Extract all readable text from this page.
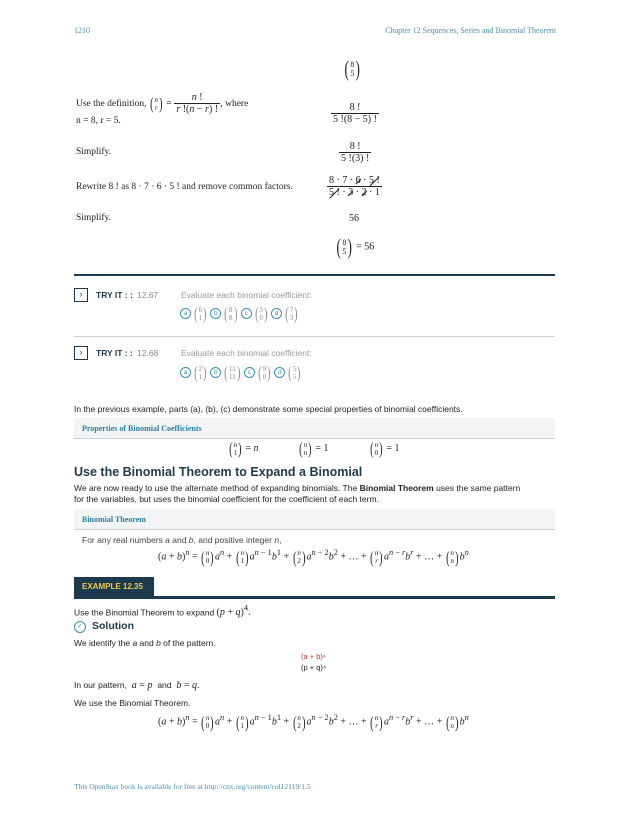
1210	Chapter 12 Sequences, Series and Binomial Theorem
(8
5)
Use the definition, (n
$r) = \frac{n !}{r !(n - r) !}$ , where
n = 8, r = 5.	$\frac{8 !}{5 !(8 - 5) !}$
Simplify.	$\frac{8 !}{5 !(3) !}$
Rewrite 8 ! as 8 · 7 · 6 · 5 ! and remove common factors.	$\frac{8 \cdot 7 \cdot 6 \cdot 5 !}{5 ! \cdot 3 \cdot 2 \cdot 1}$
Simplify.	56
(8
5) = 56
›	TRY IT : : 12.67	Evaluate each binomial coefficient:
a (6
1) b (8
8) c (3
0) d (7
3)
›	TRY IT : : 12.68	Evaluate each binomial coefficient:
a (2
1) b (11
11) c (9
0) d (5
5)
In the previous example, parts (a), (b), (c) demonstrate some special properties of binomial coefficients.
Properties of Binomial Coefficients
(n
1) = n (n
n) = 1 (n
0) = 1
Use the Binomial Theorem to Expand a Binomial
We are now ready to use the alternate method of expanding binomials. The Binomial Theorem uses the same pattern
for the variables, but uses the binomial coefficient for the coefficient of each term.
Binomial Theorem
For any real numbers a and b, and positive integer n,
$(a + b)^n = (n$
$0)a^n + (n$
$1)a^{n - 1}b^1 + (n$
$2)a^{n - 2}b^2$ + … + (n
$r)a^{n - r}b^r$ + … + (n
$n)b^n$
EXAMPLE 12.35
Use the Binomial Theorem to expand $(p + q)^4$.
✓ Solution
We identify the a and b of the pattern.
(a + b)ⁿ
(p + q)⁴
In our pattern, a = p and b = q.
We use the Binomial Theorem.
$(a + b)^n = (n$
$0)a^n + (n$
$1)a^{n - 1}b^1 + (n$
$2)a^{n - 2}b^2$ + … + (n
$r)a^{n - r}b^r$ + … + (n
$n)b^n$
This OpenStax book is available for free at http://cnx.org/content/col12119/1.5
